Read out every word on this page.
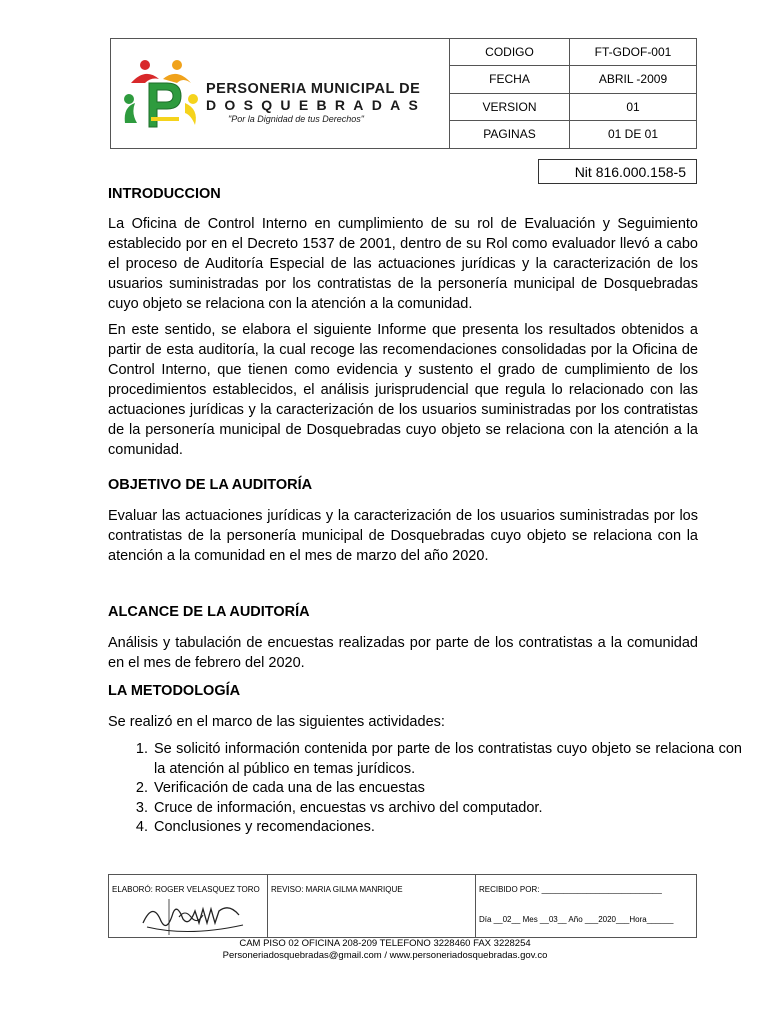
PERSONERIA MUNICIPAL DE
DOSQUEBRADAS
"Por la Dignidad de tus Derechos"
CODIGO	FT-GDOF-001
FECHA	ABRIL -2009
VERSION	01
PAGINAS	01 DE 01
Nit 816.000.158-5
INTRODUCCION

La Oficina de Control Interno en cumplimiento de su rol de Evaluación y Seguimiento establecido por en el Decreto 1537 de 2001, dentro de su Rol como evaluador llevó a cabo el proceso de Auditoría Especial de las actuaciones jurídicas y la caracterización de los usuarios suministradas por los contratistas de la personería municipal de Dosquebradas cuyo objeto se relaciona con la atención a la comunidad.

En este sentido, se elabora el siguiente Informe que presenta los resultados obtenidos a partir de esta auditoría, la cual recoge las recomendaciones consolidadas por la Oficina de Control Interno, que tienen como evidencia y sustento el grado de cumplimiento de los procedimientos establecidos, el análisis jurisprudencial que regula lo relacionado con las actuaciones jurídicas y la caracterización de los usuarios suministradas por los contratistas de la personería municipal de Dosquebradas cuyo objeto se relaciona con la atención a la comunidad.

OBJETIVO DE LA AUDITORÍA

Evaluar las actuaciones jurídicas y la caracterización de los usuarios suministradas por los contratistas de la personería municipal de Dosquebradas cuyo objeto se relaciona con la atención a la comunidad en el mes de marzo del año 2020.

ALCANCE DE LA AUDITORÍA

Análisis y tabulación de encuestas realizadas por parte de los contratistas a la comunidad en el mes de febrero del 2020.

LA METODOLOGÍA

Se realizó en el marco de las siguientes actividades:

1. Se solicitó información contenida por parte de los contratistas cuyo objeto se relaciona con la atención al público en temas jurídicos.
2. Verificación de cada una de las encuestas
3. Cruce de información, encuestas vs archivo del computador.
4. Conclusiones y recomendaciones.
ELABORÓ: ROGER VELASQUEZ TORO	REVISO: MARIA GILMA MANRIQUE	RECIBIDO POR: ___________________________
Día __02__ Mes __03__ Año ___2020___Hora______
CAM PISO 02 OFICINA 208-209 TELEFONO 3228460 FAX 3228254
Personeriadosquebradas@gmail.com / www.personeriadosquebradas.gov.co
